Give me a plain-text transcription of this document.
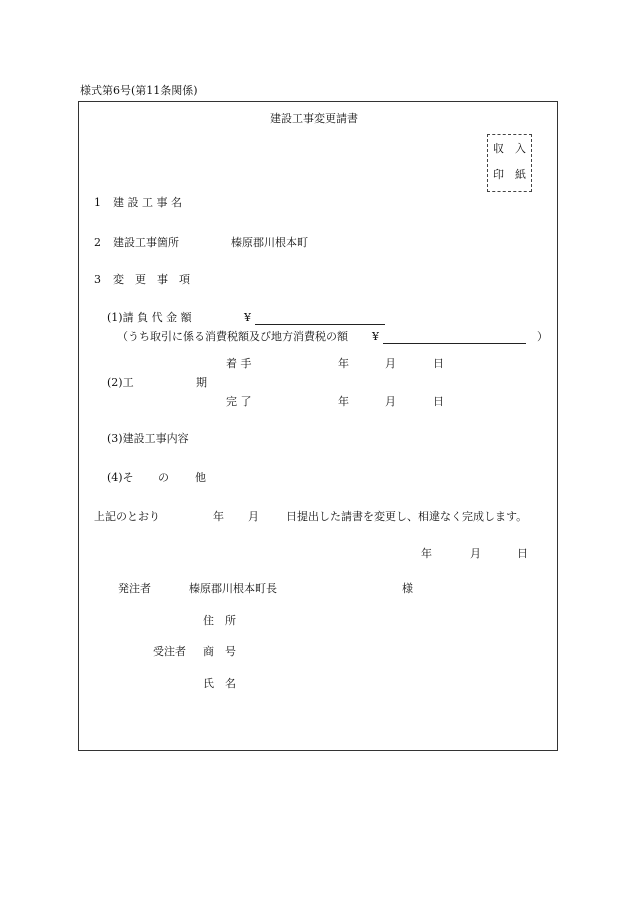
様式第6号(第11条関係)
建設工事変更請書
収 入
印 紙
1 建 設 工 事 名
2 建設工事箇所	榛原郡川根本町
3 変　更　事　項
(1)請 負 代 金 額	¥
（うち取引に係る消費税額及び地方消費税の額 ¥	）
着 手	年	月	日
(2)工	期
完 了	年	月	日
(3)建設工事内容
(4)そ の 他
上記のとおり	年 月 日提出した請書を変更し、相違なく完成します。
年	月	日
発注者	榛原郡川根本町長	様
住　所
受注者 商　号
氏　名
